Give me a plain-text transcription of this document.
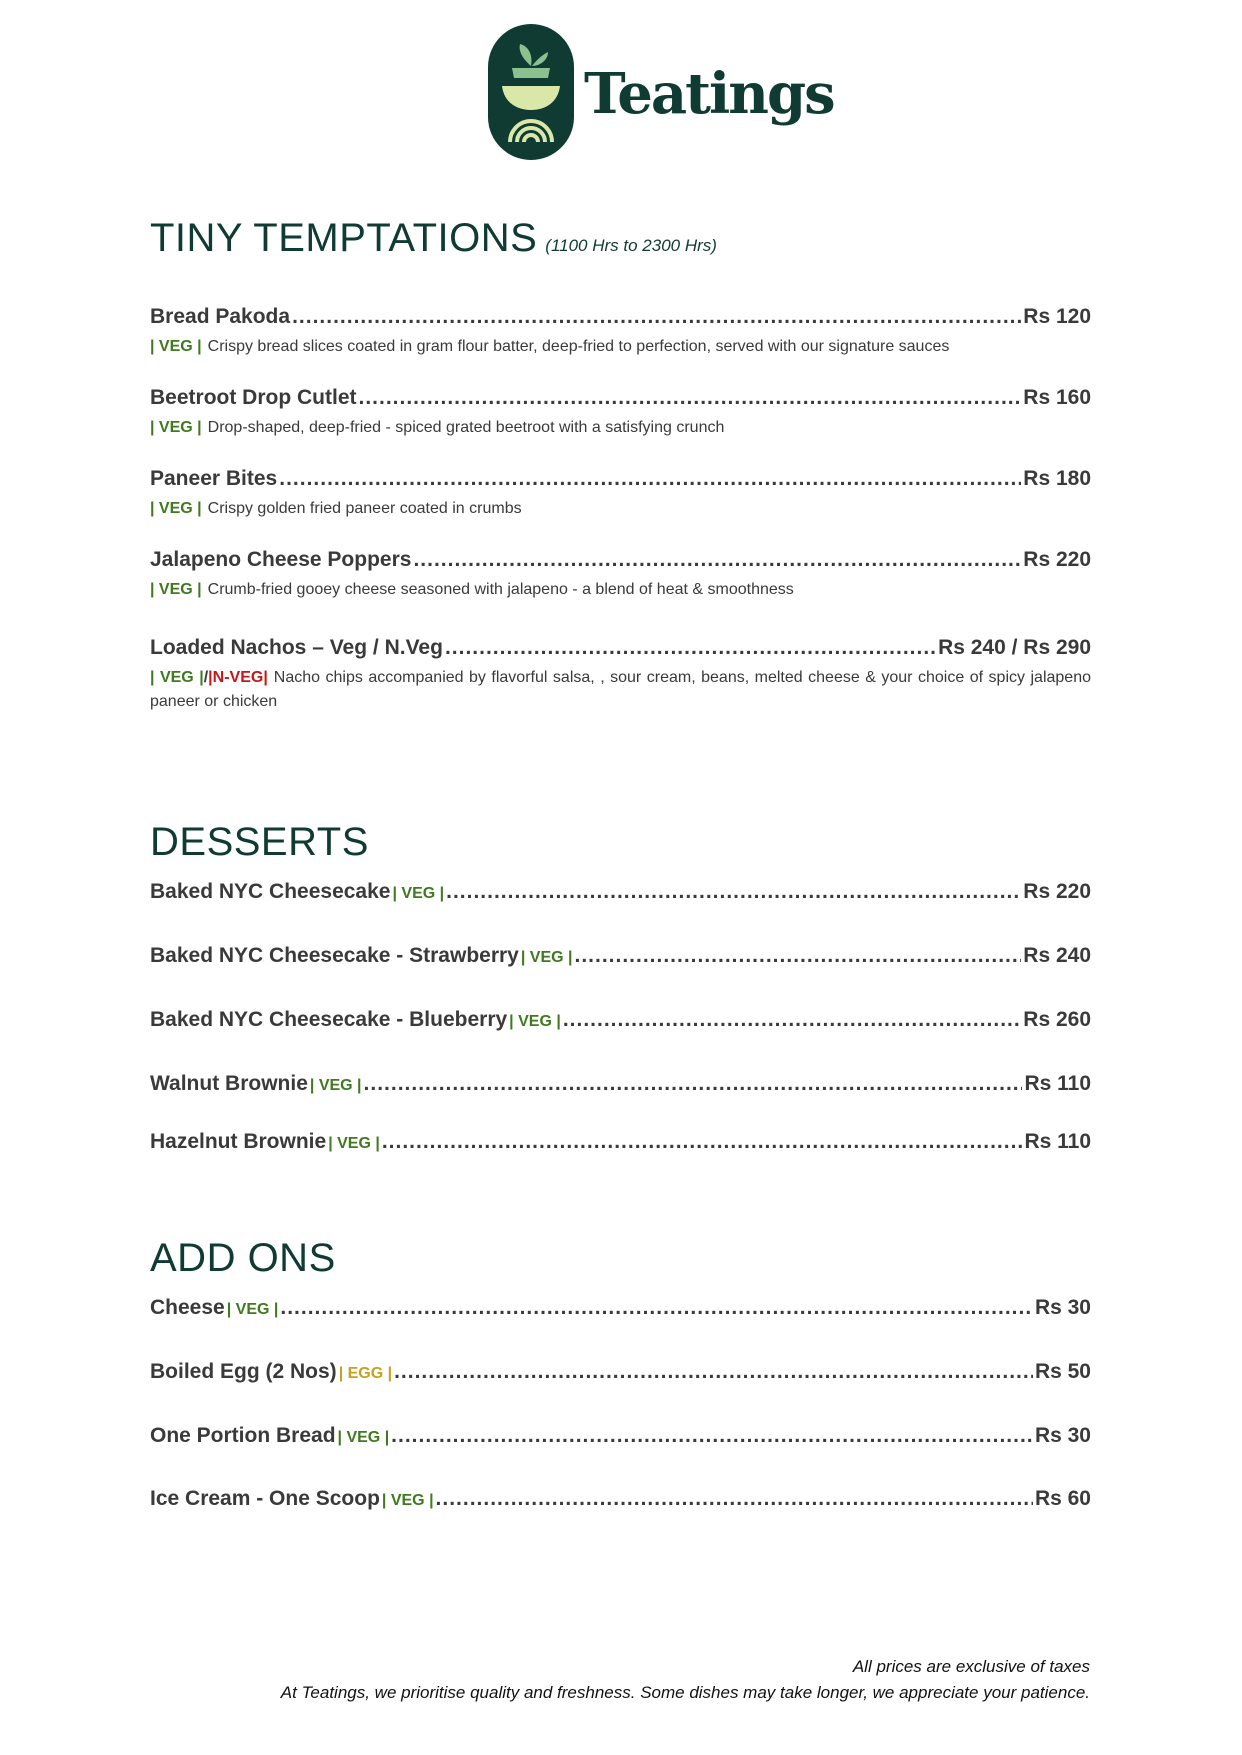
Teatings
TINY TEMPTATIONS (1100 Hrs to 2300 Hrs)
Bread Pakoda .....	Rs 120
| VEG | Crispy bread slices coated in gram flour batter, deep-fried to perfection, served with our signature sauces
Beetroot Drop Cutlet .....	Rs 160
| VEG | Drop-shaped, deep-fried - spiced grated beetroot with a satisfying crunch
Paneer Bites .....	Rs 180
| VEG | Crispy golden fried paneer coated in crumbs
Jalapeno Cheese Poppers .....	Rs 220
| VEG | Crumb-fried gooey cheese seasoned with jalapeno - a blend of heat & smoothness
Loaded Nachos – Veg / N.Veg .....	Rs 240 / Rs 290
| VEG |/|N-VEG| Nacho chips accompanied by flavorful salsa, , sour cream, beans, melted cheese & your choice of spicy jalapeno paneer or chicken
DESSERTS
Baked NYC Cheesecake | VEG | .....	Rs 220
Baked NYC Cheesecake - Strawberry | VEG | .....	Rs 240
Baked NYC Cheesecake - Blueberry | VEG | .....	Rs 260
Walnut Brownie | VEG | .....	Rs 110
Hazelnut Brownie | VEG | .....	Rs 110
ADD ONS
Cheese | VEG | .....	Rs 30
Boiled Egg (2 Nos) | EGG | .....	Rs 50
One Portion Bread | VEG | .....	Rs 30
Ice Cream - One Scoop | VEG | .....	Rs 60
All prices are exclusive of taxes
At Teatings, we prioritise quality and freshness. Some dishes may take longer, we appreciate your patience.
